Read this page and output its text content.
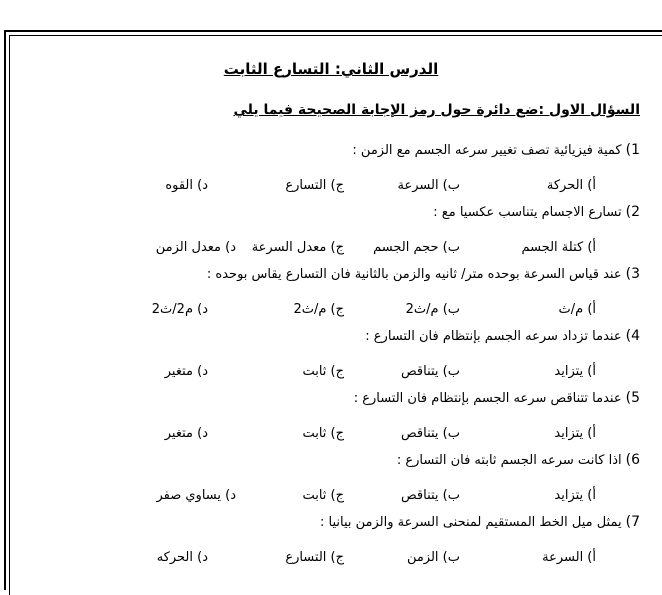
الدرس الثاني: التسارع الثابت
السؤال الاول :ضع دائرة حول رمز الإجابة الصحيحة فيما يلي
1)كمية فيزيائية تصف تغيير سرعه الجسم مع الزمن :
أ) الحركة
ب) السرعة
ج) التسارع
د) القوه
2)تسارع الاجسام يتناسب عكسيا مع :
أ) كتلة الجسم
ب) حجم الجسم
ج) معدل السرعة
د) معدل الزمن
3)عند قياس السرعة بوحده متر/ ثانيه والزمن بالثانية فان التسارع يقاس بوحده :
أ) م/ث
ب) م/ث2
ج) م/ث2
د) م2/ث2
4)عندما تزداد سرعه الجسم بإنتظام فان التسارع :
أ) يتزايد
ب) يتناقص
ج) ثابت
د) متغير
5)عندما تتناقص سرعه الجسم بإنتظام فان التسارع :
أ) يتزايد
ب) يتناقص
ج) ثابت
د) متغير
6)اذا كانت سرعه الجسم ثابته فان التسارع :
أ) يتزايد
ب) يتناقص
ج) ثابت
د) يساوي صفر
7)يمثل ميل الخط المستقيم لمنحنى السرعة والزمن بيانيا :
أ) السرعة
ب) الزمن
ج) التسارع
د) الحركه
